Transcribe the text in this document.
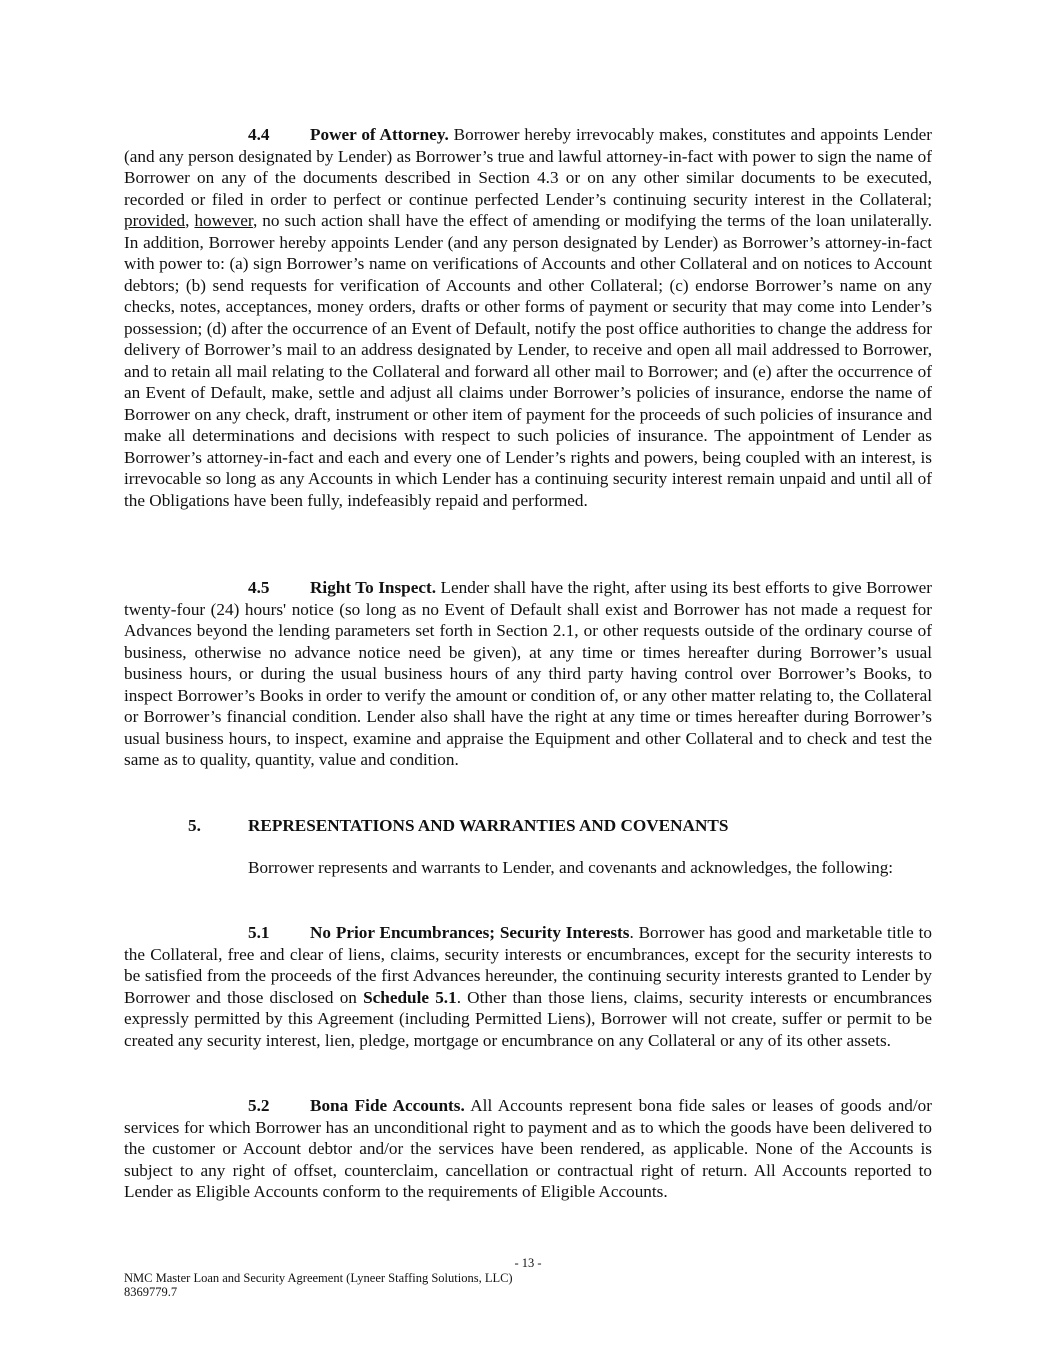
4.4 Power of Attorney. Borrower hereby irrevocably makes, constitutes and appoints Lender (and any person designated by Lender) as Borrower’s true and lawful attorney-in-fact with power to sign the name of Borrower on any of the documents described in Section 4.3 or on any other similar documents to be executed, recorded or filed in order to perfect or continue perfected Lender’s continuing security interest in the Collateral; provided, however, no such action shall have the effect of amending or modifying the terms of the loan unilaterally. In addition, Borrower hereby appoints Lender (and any person designated by Lender) as Borrower’s attorney-in-fact with power to: (a) sign Borrower’s name on verifications of Accounts and other Collateral and on notices to Account debtors; (b) send requests for verification of Accounts and other Collateral; (c) endorse Borrower’s name on any checks, notes, acceptances, money orders, drafts or other forms of payment or security that may come into Lender’s possession; (d) after the occurrence of an Event of Default, notify the post office authorities to change the address for delivery of Borrower’s mail to an address designated by Lender, to receive and open all mail addressed to Borrower, and to retain all mail relating to the Collateral and forward all other mail to Borrower; and (e) after the occurrence of an Event of Default, make, settle and adjust all claims under Borrower’s policies of insurance, endorse the name of Borrower on any check, draft, instrument or other item of payment for the proceeds of such policies of insurance and make all determinations and decisions with respect to such policies of insurance. The appointment of Lender as Borrower’s attorney-in-fact and each and every one of Lender’s rights and powers, being coupled with an interest, is irrevocable so long as any Accounts in which Lender has a continuing security interest remain unpaid and until all of the Obligations have been fully, indefeasibly repaid and performed.

4.5 Right To Inspect. Lender shall have the right, after using its best efforts to give Borrower twenty-four (24) hours' notice (so long as no Event of Default shall exist and Borrower has not made a request for Advances beyond the lending parameters set forth in Section 2.1, or other requests outside of the ordinary course of business, otherwise no advance notice need be given), at any time or times hereafter during Borrower’s usual business hours, or during the usual business hours of any third party having control over Borrower’s Books, to inspect Borrower’s Books in order to verify the amount or condition of, or any other matter relating to, the Collateral or Borrower’s financial condition. Lender also shall have the right at any time or times hereafter during Borrower’s usual business hours, to inspect, examine and appraise the Equipment and other Collateral and to check and test the same as to quality, quantity, value and condition.

5.	REPRESENTATIONS AND WARRANTIES AND COVENANTS

Borrower represents and warrants to Lender, and covenants and acknowledges, the following:

5.1 No Prior Encumbrances; Security Interests. Borrower has good and marketable title to the Collateral, free and clear of liens, claims, security interests or encumbrances, except for the security interests to be satisfied from the proceeds of the first Advances hereunder, the continuing security interests granted to Lender by Borrower and those disclosed on Schedule 5.1. Other than those liens, claims, security interests or encumbrances expressly permitted by this Agreement (including Permitted Liens), Borrower will not create, suffer or permit to be created any security interest, lien, pledge, mortgage or encumbrance on any Collateral or any of its other assets.

5.2 Bona Fide Accounts. All Accounts represent bona fide sales or leases of goods and/or services for which Borrower has an unconditional right to payment and as to which the goods have been delivered to the customer or Account debtor and/or the services have been rendered, as applicable. None of the Accounts is subject to any right of offset, counterclaim, cancellation or contractual right of return. All Accounts reported to Lender as Eligible Accounts conform to the requirements of Eligible Accounts.

- 13 -
NMC Master Loan and Security Agreement (Lyneer Staffing Solutions, LLC)
8369779.7
